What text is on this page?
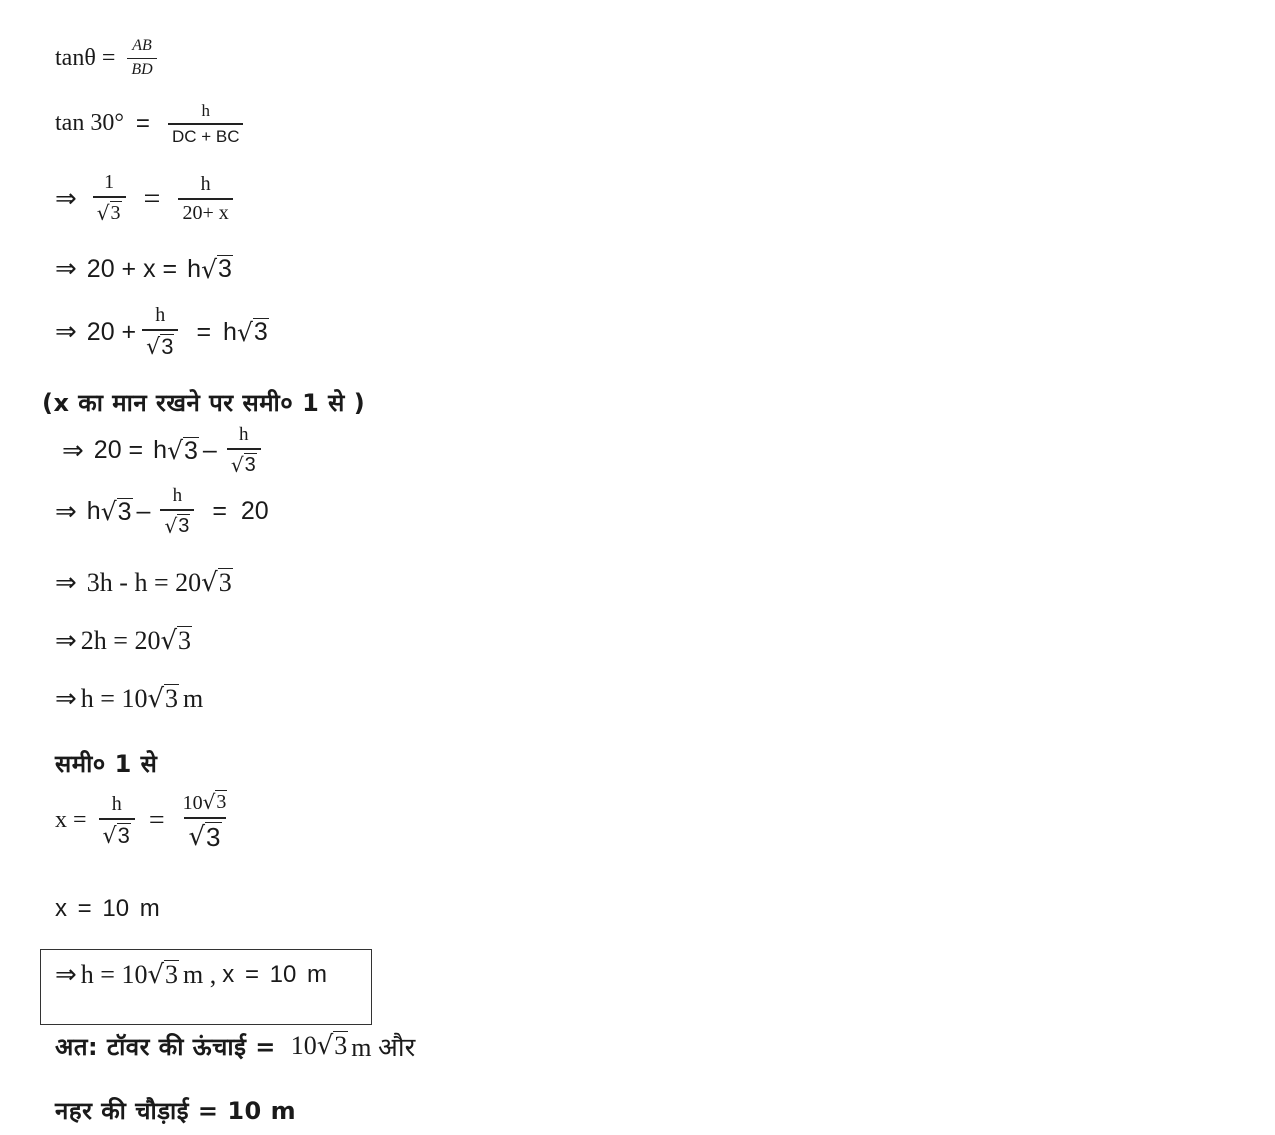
$\tan\theta = \frac{AB}{BD}$
$\tan 30^\circ = \frac{h}{DC + BC}$
⇒ $\frac{1}{√ 3} = \frac{h}{20+ x}$
⇒ 20 + x = h √ 3
⇒ $20 + \frac{h}{√ 3} = h$ √ 3
(x का मान रखने पर समी० 1 से )
⇒ 20 = h √ $3 - \frac{h}{√ 3}$
⇒ h √ $3 - \frac{h}{√ 3} = 20$
⇒ 3h - h = 20 √ 3
⇒ 2h = 20 √ 3
⇒ h = 10 √ 3 m
समी० 1 से
$x = \frac{h}{√ 3} = \frac{10 √ 3}{√ 3}$
x = 10 m
⇒ h = 10 √ 3 m , x = 10 m
अत: टॉवर की ऊंचाई = 10 √ 3 m और
नहर की चौड़ाई = 10 m
